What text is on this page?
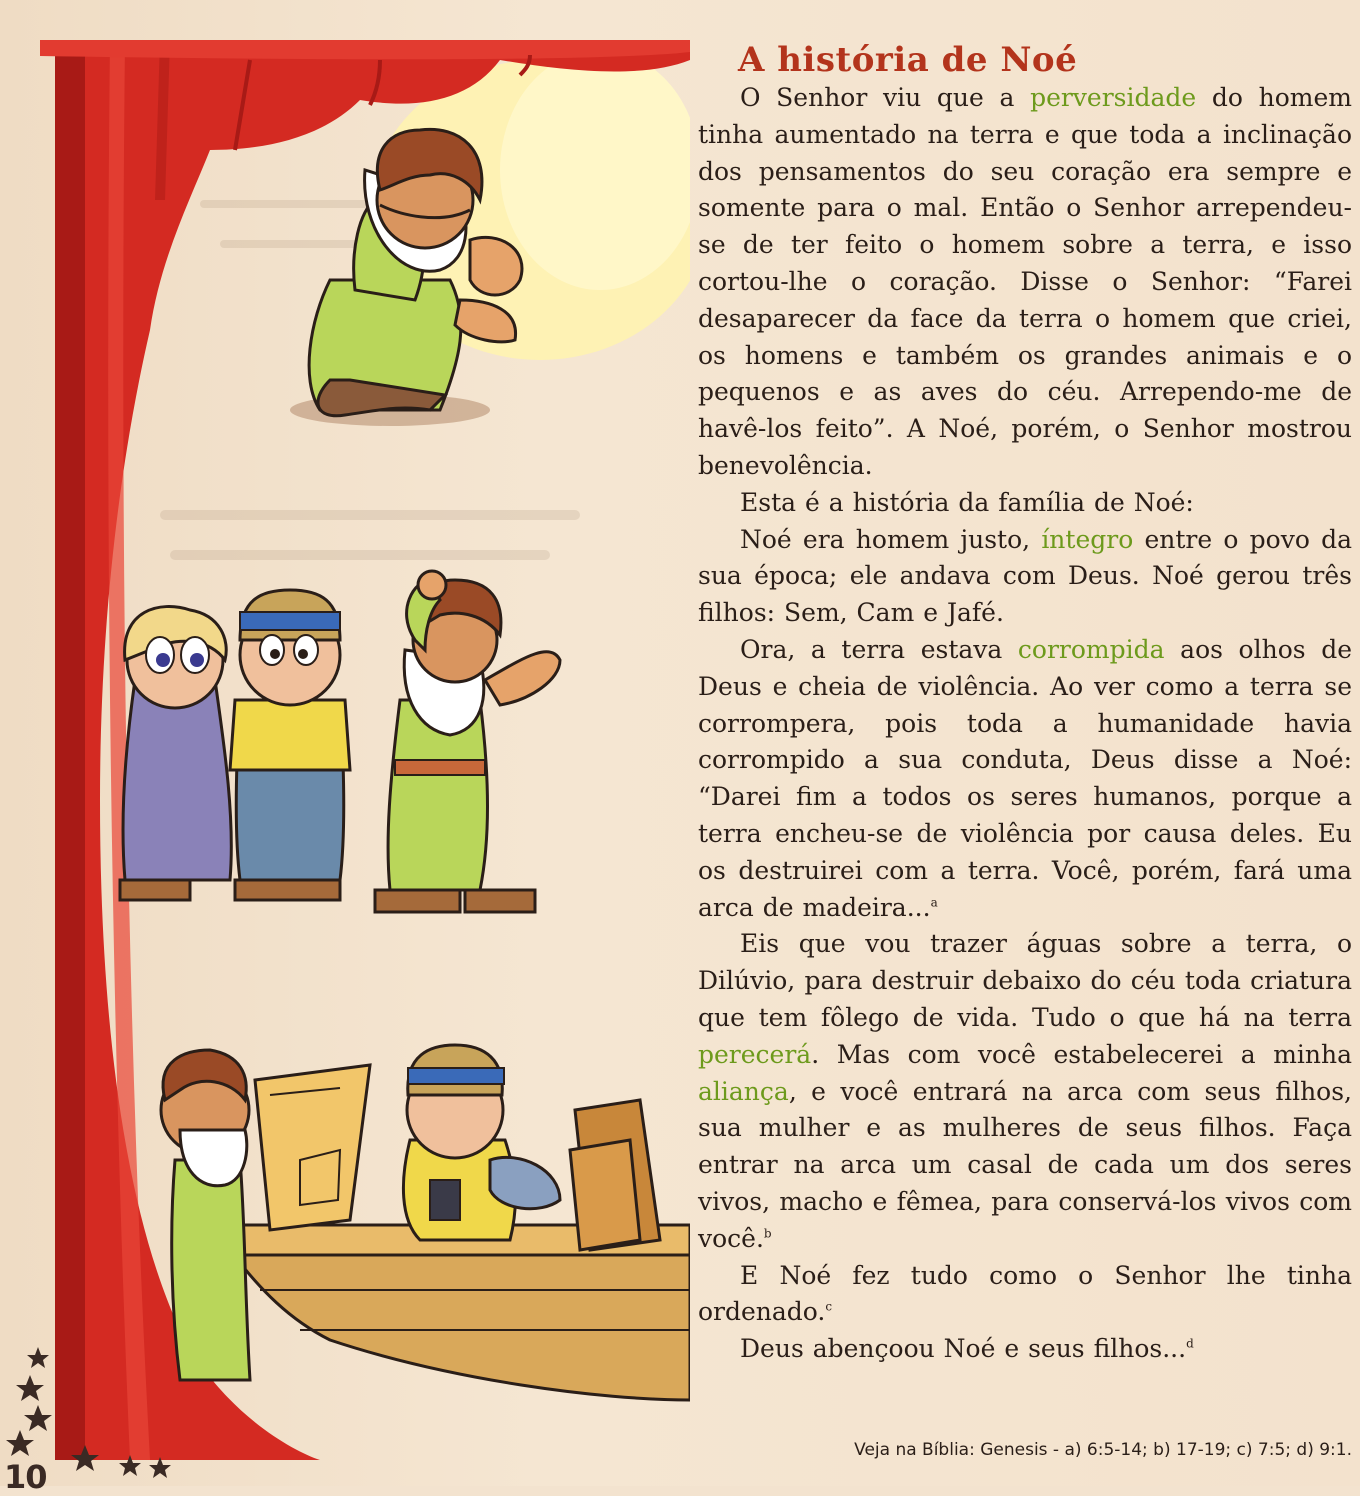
A história de Noé

O Senhor viu que a perversidade do homem tinha aumentado na terra e que toda a inclinação dos pensamentos do seu coração era sempre e somente para o mal. Então o Senhor arrependeu-se de ter feito o homem sobre a terra, e isso cortou-lhe o coração. Disse o Senhor: “Farei desaparecer da face da terra o homem que criei, os homens e também os grandes animais e o pequenos e as aves do céu. Arrependo-me de havê-los feito”. A Noé, porém, o Senhor mostrou benevolência.

Esta é a história da família de Noé:

Noé era homem justo, íntegro entre o povo da sua época; ele andava com Deus. Noé gerou três filhos: Sem, Cam e Jafé.

Ora, a terra estava corrompida aos olhos de Deus e cheia de violência. Ao ver como a terra se corrompera, pois toda a humanidade havia corrompido a sua conduta, Deus disse a Noé: “Darei fim a todos os seres humanos, porque a terra encheu-se de violência por causa deles. Eu os destruirei com a terra. Você, porém, fará uma arca de madeira...$^a$

Eis que vou trazer águas sobre a terra, o Dilúvio, para destruir debaixo do céu toda criatura que tem fôlego de vida. Tudo o que há na terra perecerá. Mas com você estabelecerei a minha aliança, e você entrará na arca com seus filhos, sua mulher e as mulheres de seus filhos. Faça entrar na arca um casal de cada um dos seres vivos, macho e fêmea, para conservá-los vivos com você.$^b$

E Noé fez tudo como o Senhor lhe tinha ordenado.$^c$

Deus abençoou Noé e seus filhos...$^d$

Veja na Bíblia: Genesis - a) 6:5-14; b) 17-19; c) 7:5; d) 9:1.
10
